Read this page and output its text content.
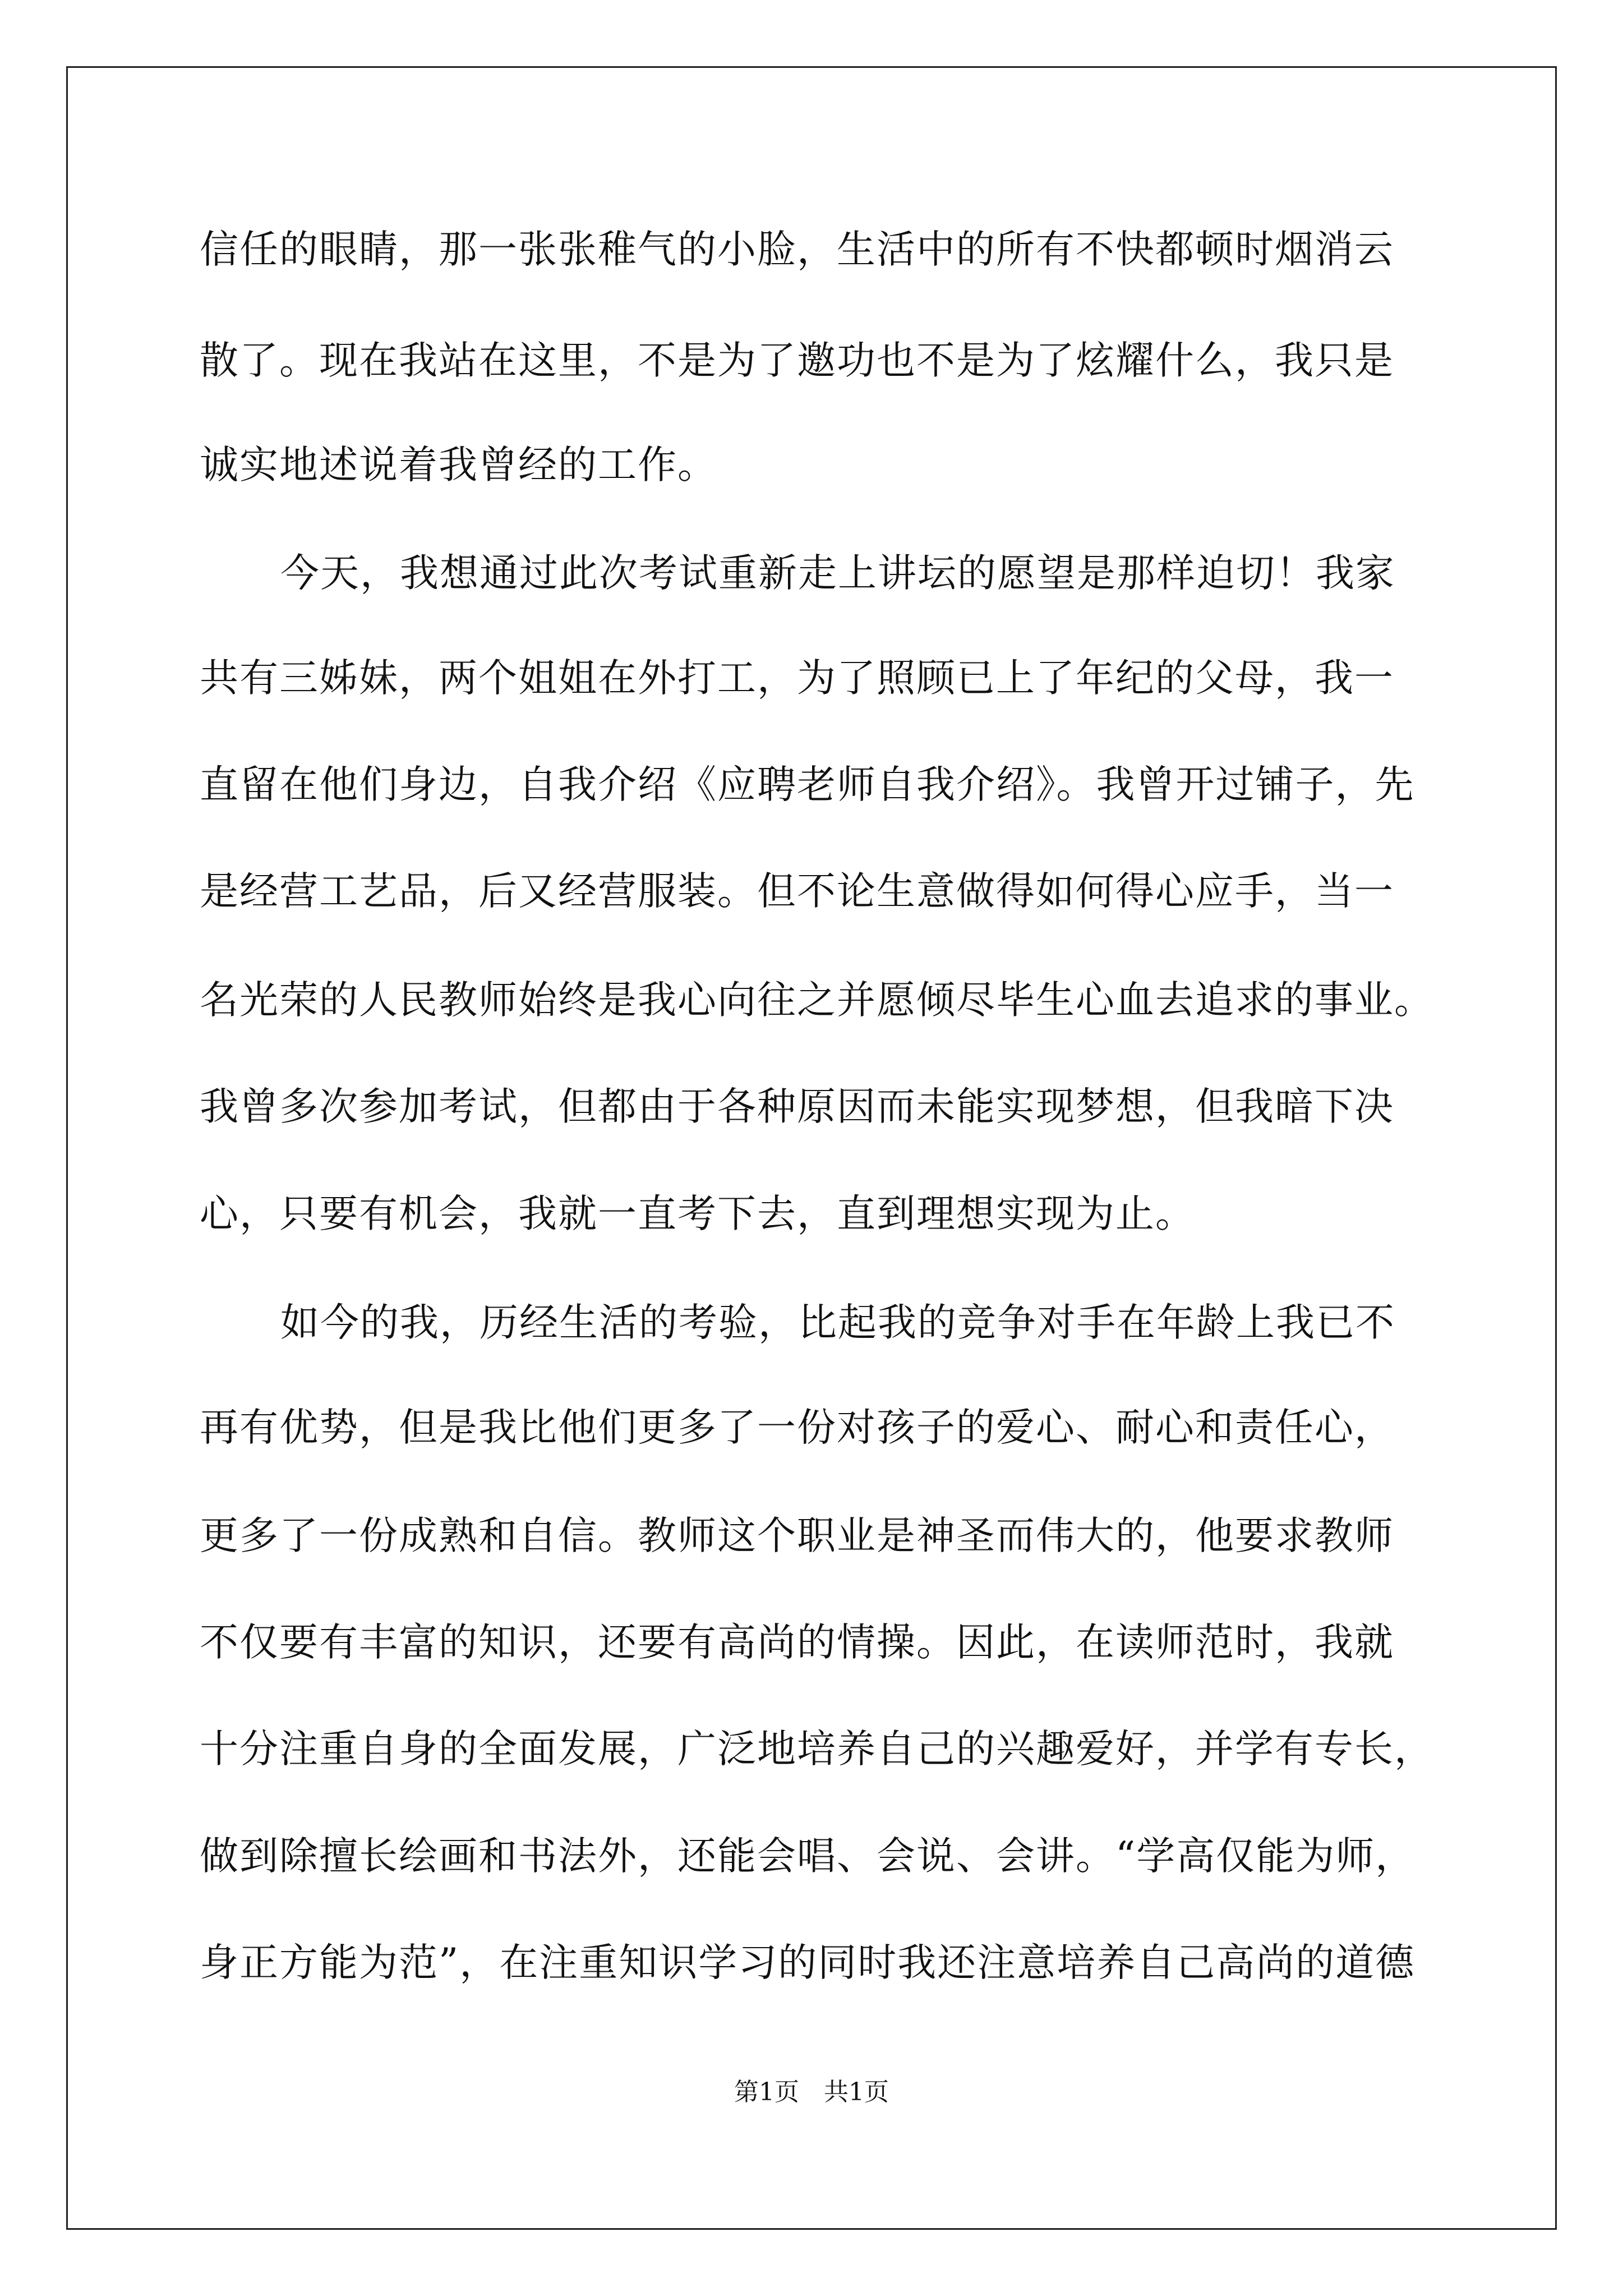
信任的眼睛，那一张张稚气的小脸，生活中的所有不快都顿时烟消云
散了。现在我站在这里，不是为了邀功也不是为了炫耀什么，我只是
诚实地述说着我曾经的工作。
今天，我想通过此次考试重新走上讲坛的愿望是那样迫切！我家
共有三姊妹，两个姐姐在外打工，为了照顾已上了年纪的父母，我一
直留在他们身边，自我介绍《应聘老师自我介绍》。我曾开过铺子，先
是经营工艺品，后又经营服装。但不论生意做得如何得心应手，当一
名光荣的人民教师始终是我心向往之并愿倾尽毕生心血去追求的事业。
我曾多次参加考试，但都由于各种原因而未能实现梦想，但我暗下决
心，只要有机会，我就一直考下去，直到理想实现为止。
如今的我，历经生活的考验，比起我的竞争对手在年龄上我已不
再有优势，但是我比他们更多了一份对孩子的爱心、耐心和责任心，
更多了一份成熟和自信。教师这个职业是神圣而伟大的，他要求教师
不仅要有丰富的知识，还要有高尚的情操。因此，在读师范时，我就
十分注重自身的全面发展，广泛地培养自己的兴趣爱好，并学有专长，
做到除擅长绘画和书法外，还能会唱、会说、会讲。“学高仅能为师，
身正方能为范”，在注重知识学习的同时我还注意培养自己高尚的道德
第1页　共1页
